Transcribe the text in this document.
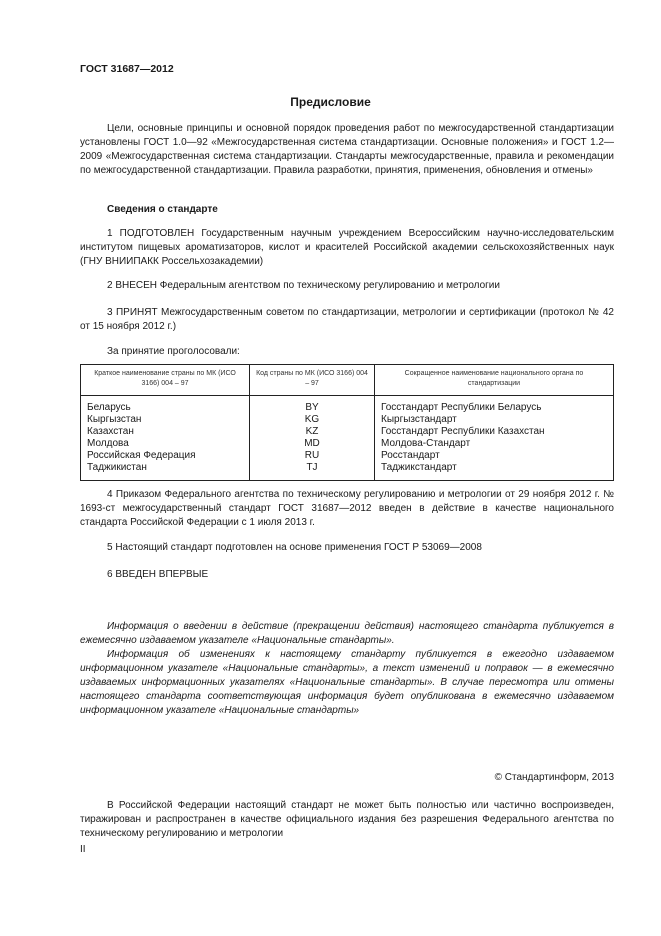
ГОСТ 31687—2012
Предисловие
Цели, основные принципы и основной порядок проведения работ по межгосударственной стандартизации установлены ГОСТ 1.0—92 «Межгосударственная система стандартизации. Основные положения» и ГОСТ 1.2—2009 «Межгосударственная система стандартизации. Стандарты межгосударственные, правила и рекомендации по межгосударственной стандартизации. Правила разработки, принятия, применения, обновления и отмены»
Сведения о стандарте
1 ПОДГОТОВЛЕН Государственным научным учреждением Всероссийским научно-исследовательским институтом пищевых ароматизаторов, кислот и красителей Российской академии сельскохозяйственных наук (ГНУ ВНИИПАКК Россельхозакадемии)
2 ВНЕСЕН Федеральным агентством по техническому регулированию и метрологии
3 ПРИНЯТ Межгосударственным советом по стандартизации, метрологии и сертификации (протокол № 42 от 15 ноября 2012 г.)
За принятие проголосовали:
Краткое наименование страны по МК (ИСО 3166) 004 – 97	Код страны по МК (ИСО 3166) 004 – 97	Сокращенное наименование национального органа по стандартизации
Беларусь	BY	Госстандарт Республики Беларусь
Кыргызстан	KG	Кыргызстандарт
Казахстан	KZ	Госстандарт Республики Казахстан
Молдова	MD	Молдова-Стандарт
Российская Федерация	RU	Росстандарт
Таджикистан	TJ	Таджикстандарт
4 Приказом Федерального агентства по техническому регулированию и метрологии от 29 ноября 2012 г. № 1693-ст межгосударственный стандарт ГОСТ 31687—2012 введен в действие в качестве национального стандарта Российской Федерации с 1 июля 2013 г.
5 Настоящий стандарт подготовлен на основе применения ГОСТ Р 53069—2008
6 ВВЕДЕН ВПЕРВЫЕ
Информация о введении в действие (прекращении действия) настоящего стандарта публикуется в ежемесячно издаваемом указателе «Национальные стандарты».
Информация об изменениях к настоящему стандарту публикуется в ежегодно издаваемом информационном указателе «Национальные стандарты», а текст изменений и поправок — в ежемесячно издаваемых информационных указателях «Национальные стандарты». В случае пересмотра или отмены настоящего стандарта соответствующая информация будет опубликована в ежемесячно издаваемом информационном указателе «Национальные стандарты»
© Стандартинформ, 2013
В Российской Федерации настоящий стандарт не может быть полностью или частично воспроизведен, тиражирован и распространен в качестве официального издания без разрешения Федерального агентства по техническому регулированию и метрологии
II
